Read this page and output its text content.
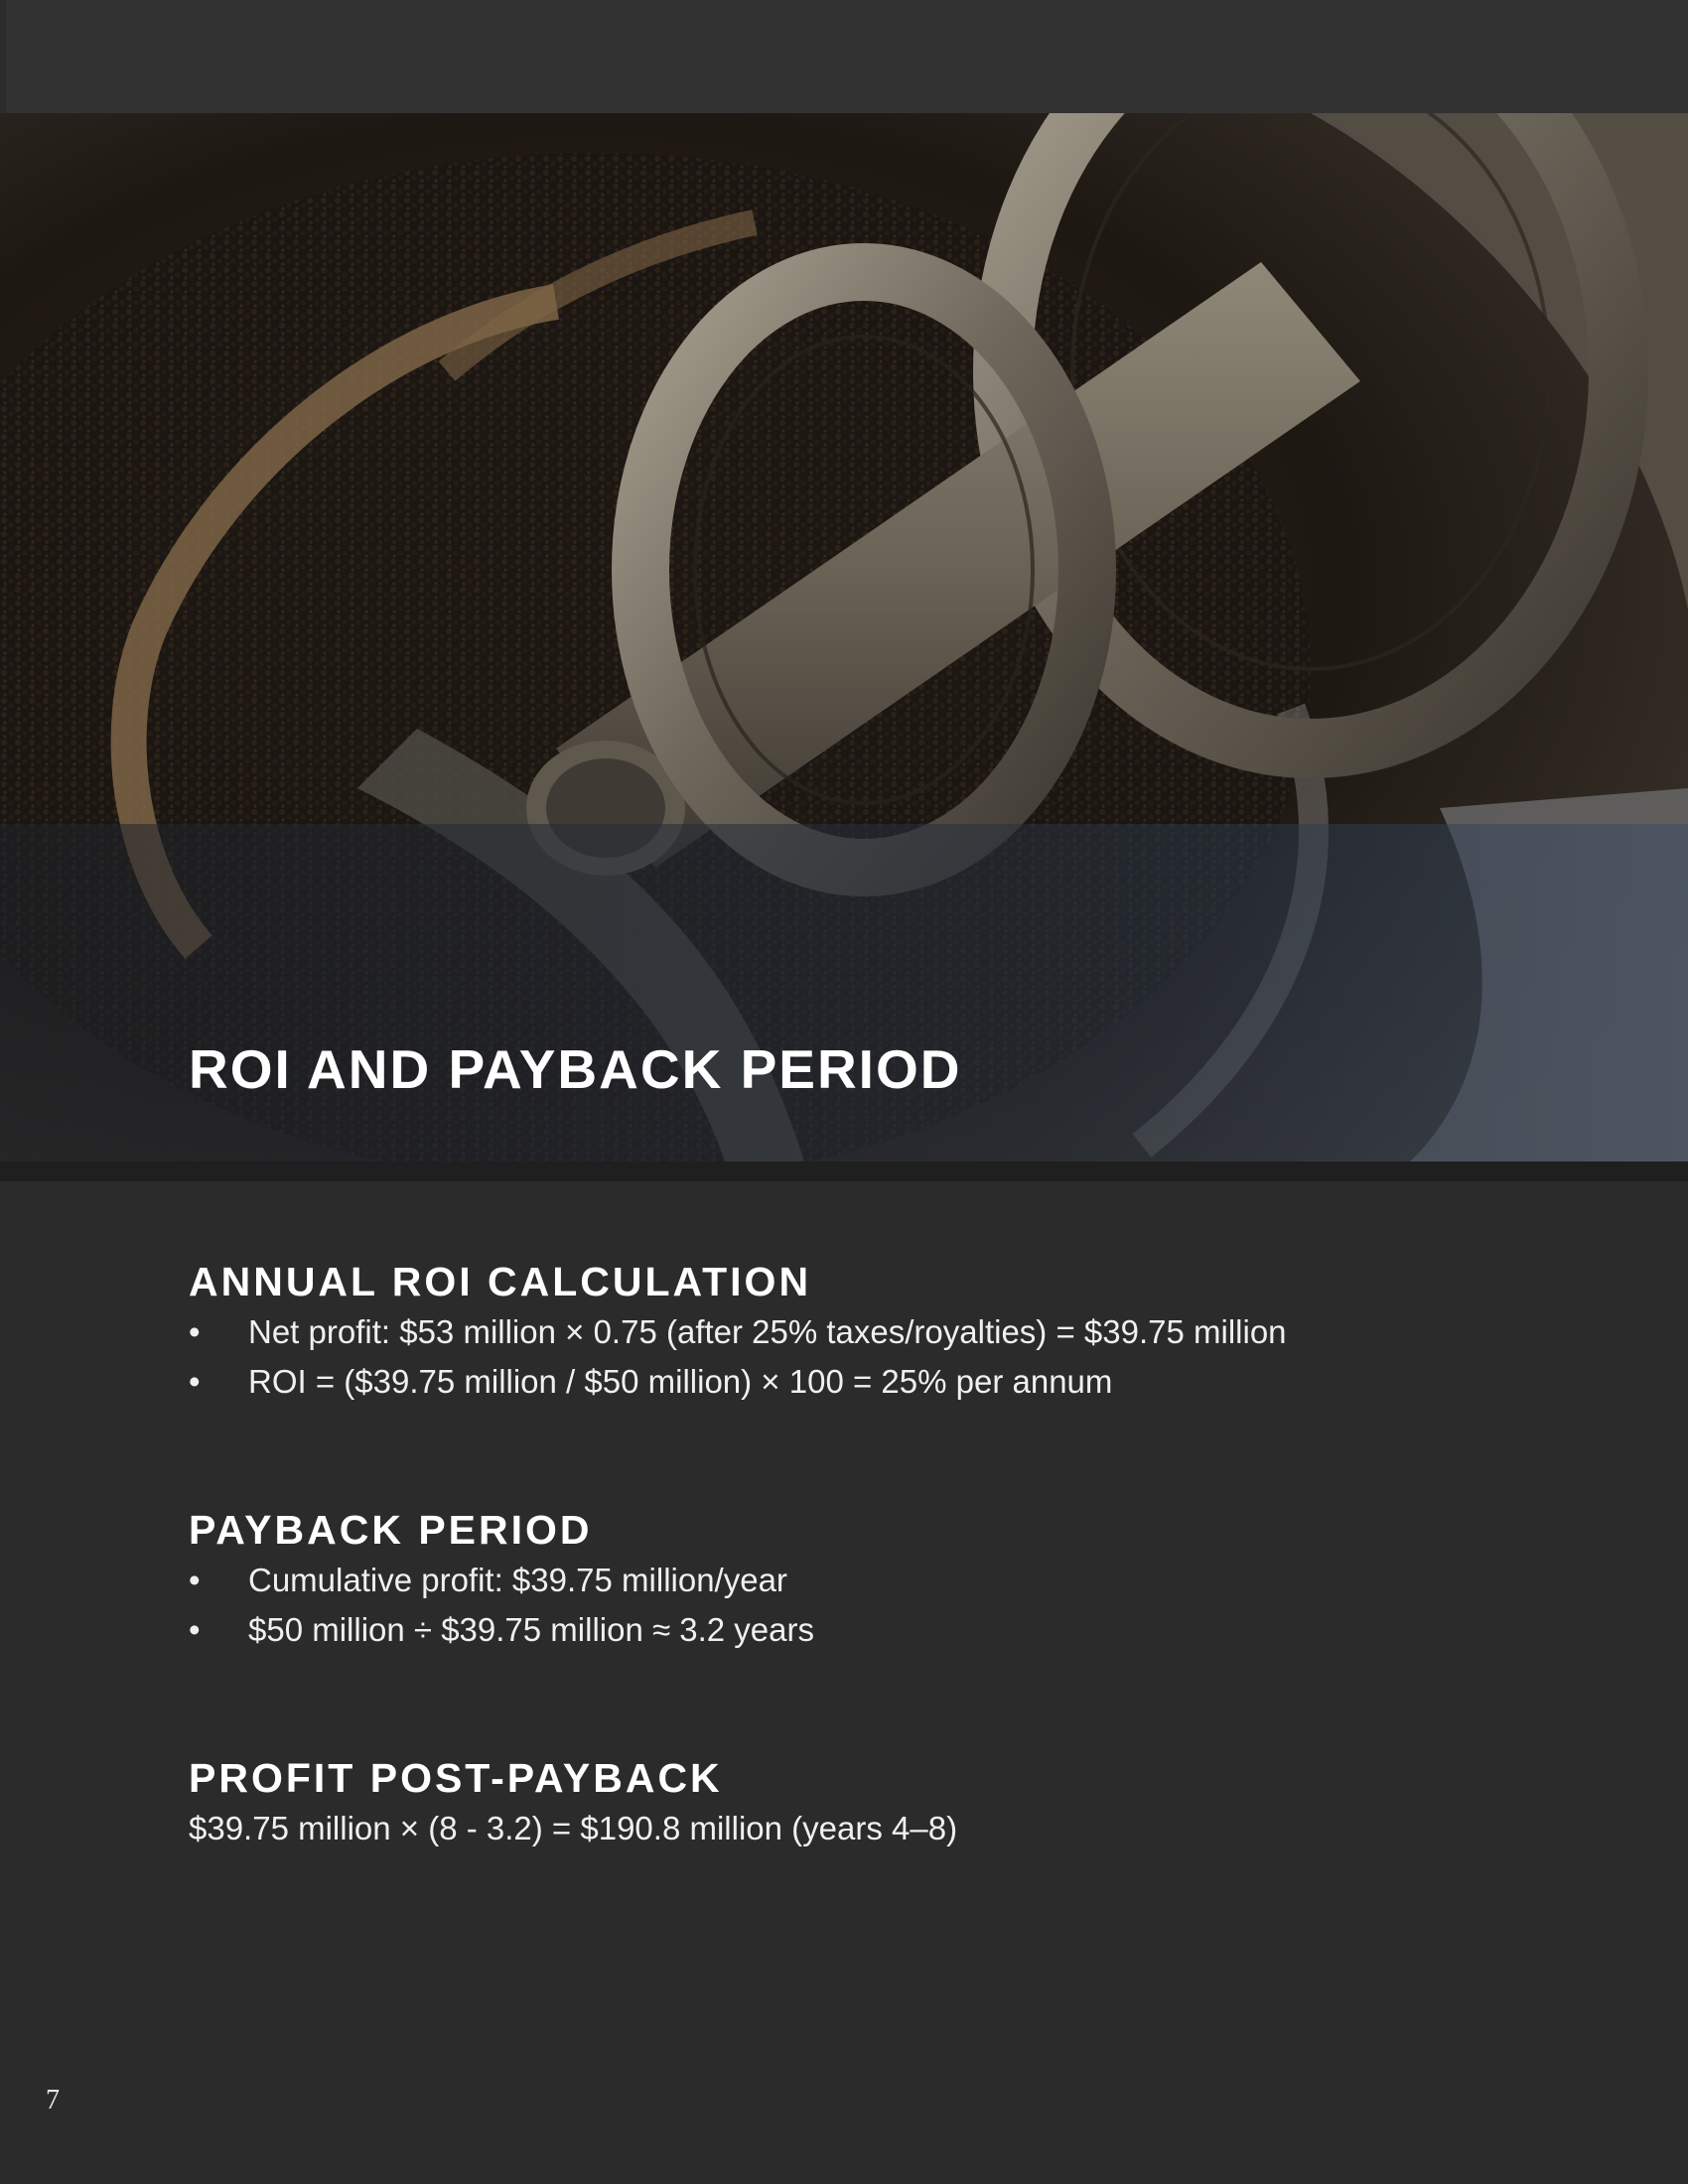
ROI AND PAYBACK PERIOD
ANNUAL ROI CALCULATION
• Net profit: $53 million × 0.75 (after 25% taxes/royalties) = $39.75 million
• ROI = ($39.75 million / $50 million) × 100 = 25% per annum
PAYBACK PERIOD
• Cumulative profit: $39.75 million/year
• $50 million ÷ $39.75 million ≈ 3.2 years
PROFIT POST-PAYBACK

$39.75 million × (8 - 3.2) = $190.8 million (years 4–8)

7
